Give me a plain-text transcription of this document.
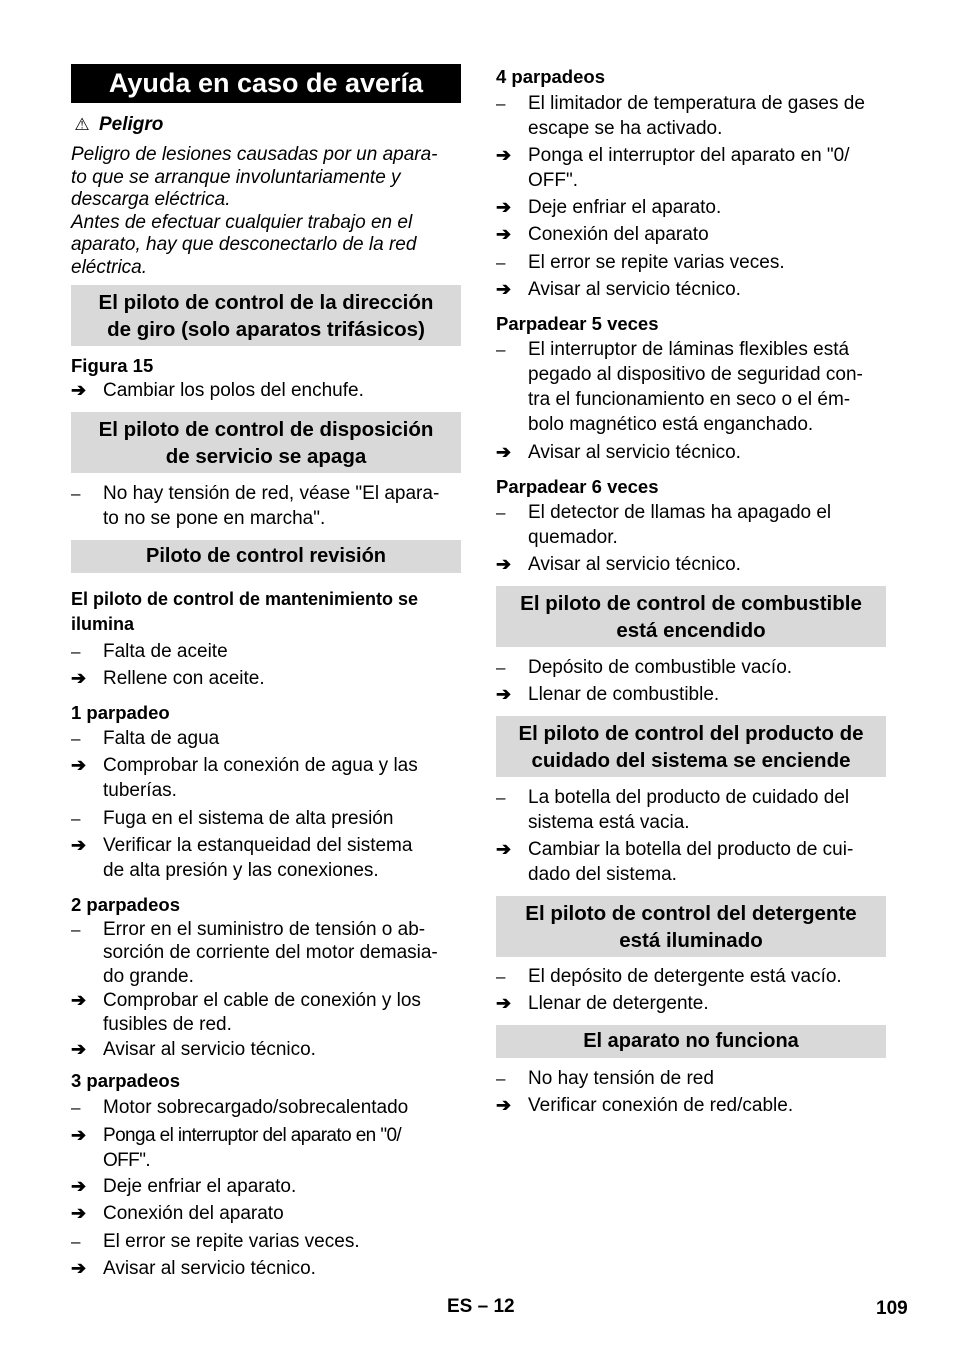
Ayuda en caso de avería
⚠ Peligro
Peligro de lesiones causadas por un apara-
to que se arranque involuntariamente y
descarga eléctrica.
Antes de efectuar cualquier trabajo en el
aparato, hay que desconectarlo de la red
eléctrica.
El piloto de control de la dirección
de giro (solo aparatos trifásicos)
Figura 15
➔ Cambiar los polos del enchufe.
El piloto de control de disposición
de servicio se apaga
–	No hay tensión de red, véase "El apara-
to no se pone en marcha".
Piloto de control revisión
El piloto de control de mantenimiento se
ilumina
–	Falta de aceite
➔ Rellene con aceite.
1 parpadeo
–	Falta de agua
➔ Comprobar la conexión de agua y las
tuberías.
–	Fuga en el sistema de alta presión
➔ Verificar la estanqueidad del sistema
de alta presión y las conexiones.
2 parpadeos
–	Error en el suministro de tensión o ab-
sorción de corriente del motor demasia-
do grande.
➔ Comprobar el cable de conexión y los
fusibles de red.
➔ Avisar al servicio técnico.
3 parpadeos
–	Motor sobrecargado/sobrecalentado
➔ Ponga el interruptor del aparato en "0/
OFF".
➔ Deje enfriar el aparato.
➔ Conexión del aparato
–	El error se repite varias veces.
➔ Avisar al servicio técnico.
4 parpadeos
–	El limitador de temperatura de gases de
escape se ha activado.
➔ Ponga el interruptor del aparato en "0/
OFF".
➔ Deje enfriar el aparato.
➔ Conexión del aparato
–	El error se repite varias veces.
➔ Avisar al servicio técnico.
Parpadear 5 veces
–	El interruptor de láminas flexibles está
pegado al dispositivo de seguridad con-
tra el funcionamiento en seco o el ém-
bolo magnético está enganchado.
➔ Avisar al servicio técnico.
Parpadear 6 veces
–	El detector de llamas ha apagado el
quemador.
➔ Avisar al servicio técnico.
El piloto de control de combustible
está encendido
–	Depósito de combustible vacío.
➔ Llenar de combustible.
El piloto de control del producto de
cuidado del sistema se enciende
–	La botella del producto de cuidado del
sistema está vacia.
➔ Cambiar la botella del producto de cui-
dado del sistema.
El piloto de control del detergente
está iluminado
–	El depósito de detergente está vacío.
➔ Llenar de detergente.
El aparato no funciona
–	No hay tensión de red
➔ Verificar conexión de red/cable.
ES – 12	109
